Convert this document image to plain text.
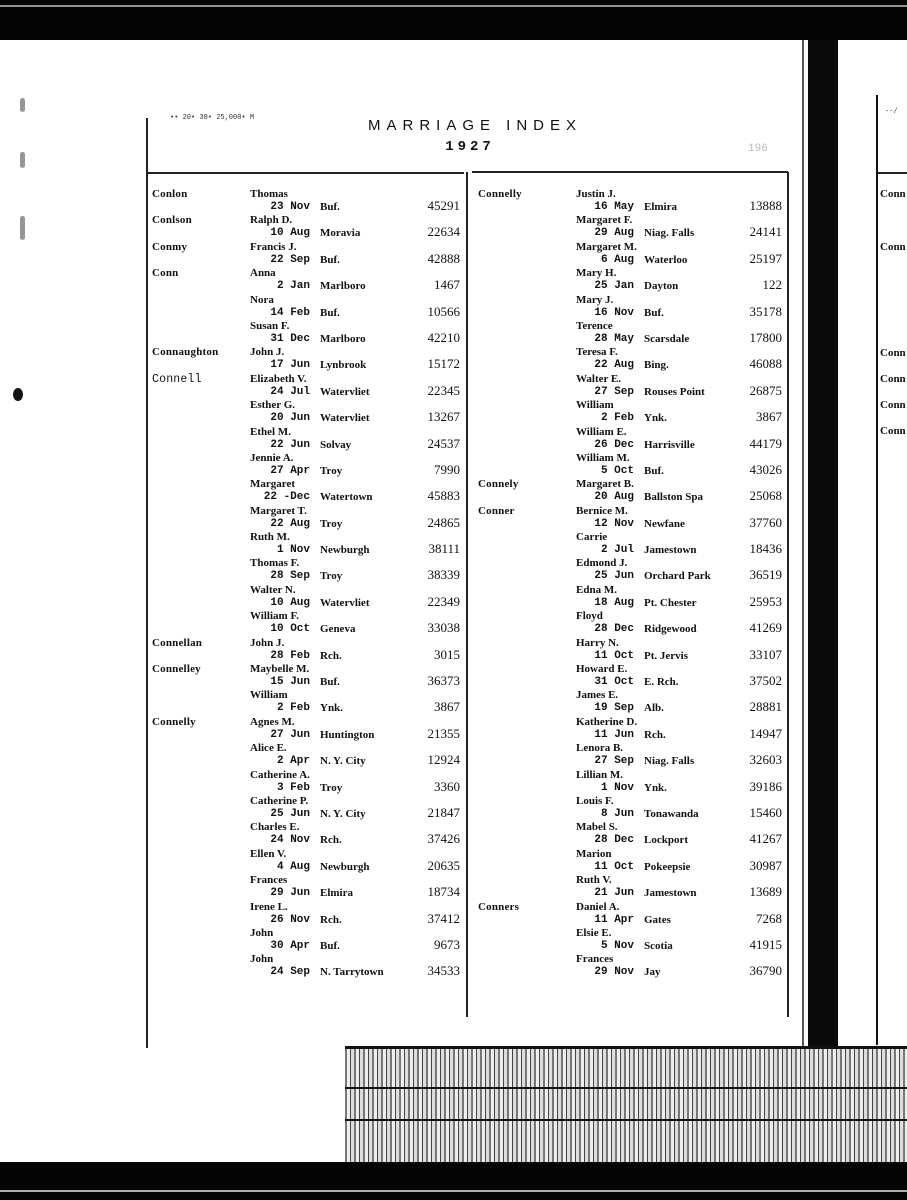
•• 20• 30• 25,000• M	MARRIAGE INDEX
1927	196
Conlon	Thomas
23 Nov Buf.	45291
Conlson	Ralph D.
10 Aug Moravia	22634
Conmy	Francis J.
22 Sep Buf.	42888
Conn	Anna
2 Jan Marlboro	1467
Nora
14 Feb Buf.	10566
Susan F.
31 Dec Marlboro	42210
Connaughton	John J.
17 Jun Lynbrook	15172
Connell	Elizabeth V.
24 Jul Watervliet	22345
Esther G.
20 Jun Watervliet	13267
Ethel M.
22 Jun Solvay	24537
Jennie A.
27 Apr Troy	7990
Margaret
22 -Dec Watertown	45883
Margaret T.
22 Aug Troy	24865
Ruth M.
1 Nov Newburgh	38111
Thomas F.
28 Sep Troy	38339
Walter N.
10 Aug Watervliet	22349
William F.
10 Oct Geneva	33038
Connellan	John J.
28 Feb Rch.	3015
Connelley	Maybelle M.
15 Jun Buf.	36373
William
2 Feb Ynk.	3867
Connelly	Agnes M.
27 Jun Huntington	21355
Alice E.
2 Apr N. Y. City	12924
Catherine A.
3 Feb Troy	3360
Catherine P.
25 Jun N. Y. City	21847
Charles E.
24 Nov Rch.	37426
Ellen V.
4 Aug Newburgh	20635
Frances
29 Jun Elmira	18734
Irene L.
26 Nov Rch.	37412
John
30 Apr Buf.	9673
John
24 Sep N. Tarrytown	34533
Connelly	Justin J.
16 May Elmira	13888
Margaret F.
29 Aug Niag. Falls	24141
Margaret M.
6 Aug Waterloo	25197
Mary H.
25 Jan Dayton	122
Mary J.
16 Nov Buf.	35178
Terence
28 May Scarsdale	17800
Teresa F.
22 Aug Bing.	46088
Walter E.
27 Sep Rouses Point	26875
William
2 Feb Ynk.	3867
William E.
26 Dec Harrisville	44179
William M.
5 Oct Buf.	43026
Connely	Margaret B.
20 Aug Ballston Spa	25068
Conner	Bernice M.
12 Nov Newfane	37760
Carrie
2 Jul Jamestown	18436
Edmond J.
25 Jun Orchard Park	36519
Edna M.
18 Aug Pt. Chester	25953
Floyd
28 Dec Ridgewood	41269
Harry N.
11 Oct Pt. Jervis	33107
Howard E.
31 Oct E. Rch.	37502
James E.
19 Sep Alb.	28881
Katherine D.
11 Jun Rch.	14947
Lenora B.
27 Sep Niag. Falls	32603
Lillian M.
1 Nov Ynk.	39186
Louis F.
8 Jun Tonawanda	15460
Mabel S.
28 Dec Lockport	41267
Marion
11 Oct Pokeepsie	30987
Ruth V.
21 Jun Jamestown	13689
Conners	Daniel A.
11 Apr Gates	7268
Elsie E.
5 Nov Scotia	41915
Frances
29 Nov Jay	36790
--/
Conn
Conn
Conn
Conn
Conn
Conn
